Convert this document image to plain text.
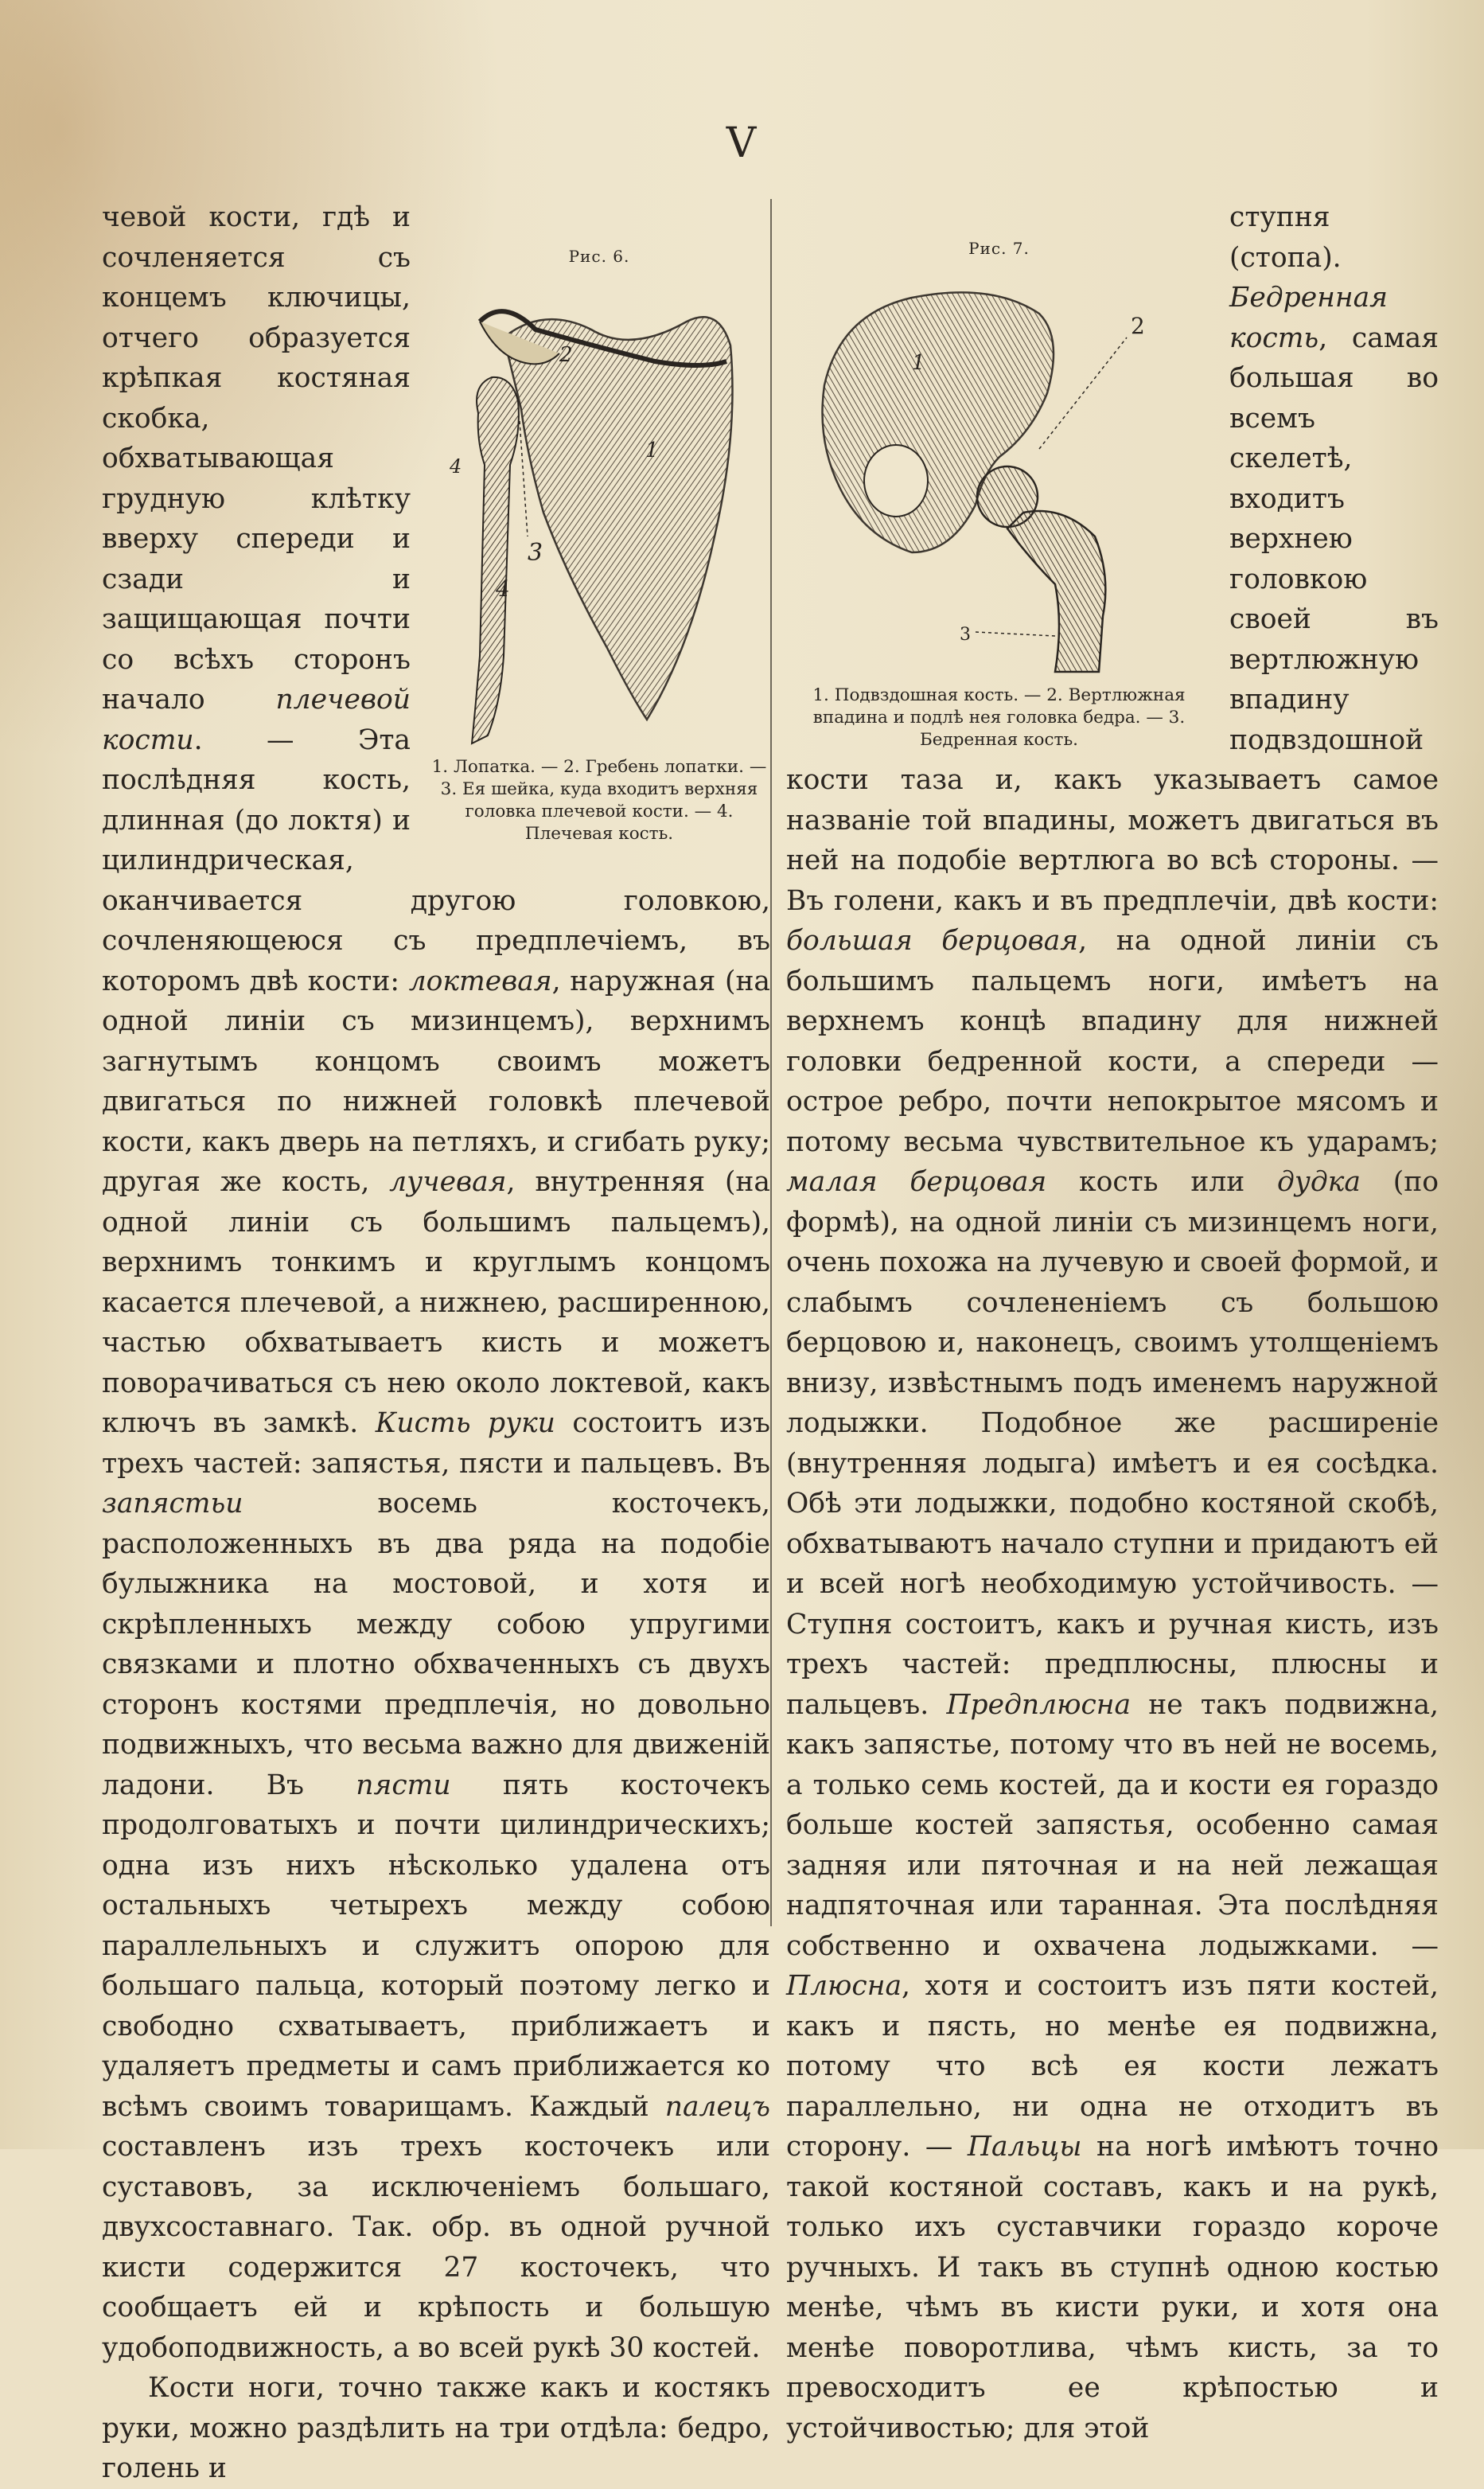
V
Рис. 6.
1
2
3
4
4
1. Лопатка. — 2. Гребень лопатки. — 3. Ея шейка, куда входитъ верхняя головка плечевой кости. — 4. Плечевая кость.

чевой кости, гдѣ и сочленяется съ концемъ ключицы, отчего образуется крѣпкая костяная скобка, обхватывающая грудную клѣтку вверху спереди и сзади и защищающая почти со всѣхъ сторонъ начало плечевой кости. — Эта послѣдняя кость, длинная (до локтя) и цилиндрическая, оканчивается другою головкою, сочленяющеюся съ предплечiемъ, въ которомъ двѣ кости: локтевая, наружная (на одной линiи съ мизинцемъ), верхнимъ загнутымъ концомъ своимъ можетъ двигаться по нижней головкѣ плечевой кости, какъ дверь на петляхъ, и сгибать руку; другая же кость, лучевая, внутренняя (на одной линiи съ большимъ пальцемъ), верхнимъ тонкимъ и круглымъ концомъ касается плечевой, а нижнею, расширенною, частью обхватываетъ кисть и можетъ поворачиваться съ нею около локтевой, какъ ключъ въ замкѣ. Кисть руки состоитъ изъ трехъ частей: запястья, пясти и пальцевъ. Въ запястьи восемь косточекъ, расположенныхъ въ два ряда на подобiе булыжника на мостовой, и хотя и скрѣпленныхъ между собою упругими связками и плотно обхваченныхъ съ двухъ сторонъ костями предплечiя, но довольно подвижныхъ, что весьма важно для движенiй ладони. Въ пясти пять косточекъ продолговатыхъ и почти цилиндрическихъ; одна изъ нихъ нѣсколько удалена отъ остальныхъ четырехъ между собою параллельныхъ и служитъ опорою для большаго пальца, который поэтому легко и свободно схватываетъ, приближаетъ и удаляетъ предметы и самъ приближается ко всѣмъ своимъ товарищамъ. Каждый палецъ составленъ изъ трехъ косточекъ или суставовъ, за исключенiемъ большаго, двухсоставнаго. Так. обр. въ одной ручной кисти содержится 27 косточекъ, что сообщаетъ ей и крѣпость и большую удобоподвижность, а во всей рукѣ 30 костей.

Кости ноги, точно также какъ и костякъ руки, можно раздѣлить на три отдѣла: бедро, голень и

Рис. 7.
1
2
3
1. Подвздошная кость. — 2. Вертлюжная впадина и подлѣ нея головка бедра. — 3. Бедренная кость.

ступня (стопа). Бедренная кость, самая большая во всемъ скелетѣ, входитъ верхнею головкою своей въ вертлюжную впадину подвздошной кости таза и, какъ указываетъ самое названiе той впадины, можетъ двигаться въ ней на подобiе вертлюга во всѣ стороны. — Въ голени, какъ и въ предплечiи, двѣ кости: большая берцовая, на одной линiи съ большимъ пальцемъ ноги, имѣетъ на верхнемъ концѣ впадину для нижней головки бедренной кости, а спереди — острое ребро, почти непокрытое мясомъ и потому весьма чувствительное къ ударамъ; малая берцовая кость или дудка (по формѣ), на одной линiи съ мизинцемъ ноги, очень похожа на лучевую и своей формой, и слабымъ сочлененiемъ съ большою берцовою и, наконецъ, своимъ утолщенiемъ внизу, извѣстнымъ подъ именемъ наружной лодыжки. Подобное же расширенiе (внутренняя лодыга) имѣетъ и ея сосѣдка. Обѣ эти лодыжки, подобно костяной скобѣ, обхватываютъ начало ступни и придаютъ ей и всей ногѣ необходимую устойчивость. — Ступня состоитъ, какъ и ручная кисть, изъ трехъ частей: предплюсны, плюсны и пальцевъ. Предплюсна не такъ подвижна, какъ запястье, потому что въ ней не восемь, а только семь костей, да и кости ея гораздо больше костей запястья, особенно самая задняя или пяточная и на ней лежащая надпяточная или таранная. Эта послѣдняя собственно и охвачена лодыжками. — Плюсна, хотя и состоитъ изъ пяти костей, какъ и пясть, но менѣе ея подвижна, потому что всѣ ея кости лежатъ параллельно, ни одна не отходитъ въ сторону. — Пальцы на ногѣ имѣютъ точно такой костяной составъ, какъ и на рукѣ, только ихъ суставчики гораздо короче ручныхъ. И такъ въ ступнѣ одною костью менѣе, чѣмъ въ кисти руки, и хотя она менѣе поворотлива, чѣмъ кисть, за то превосходитъ ее крѣпостью и устойчивостью; для этой
